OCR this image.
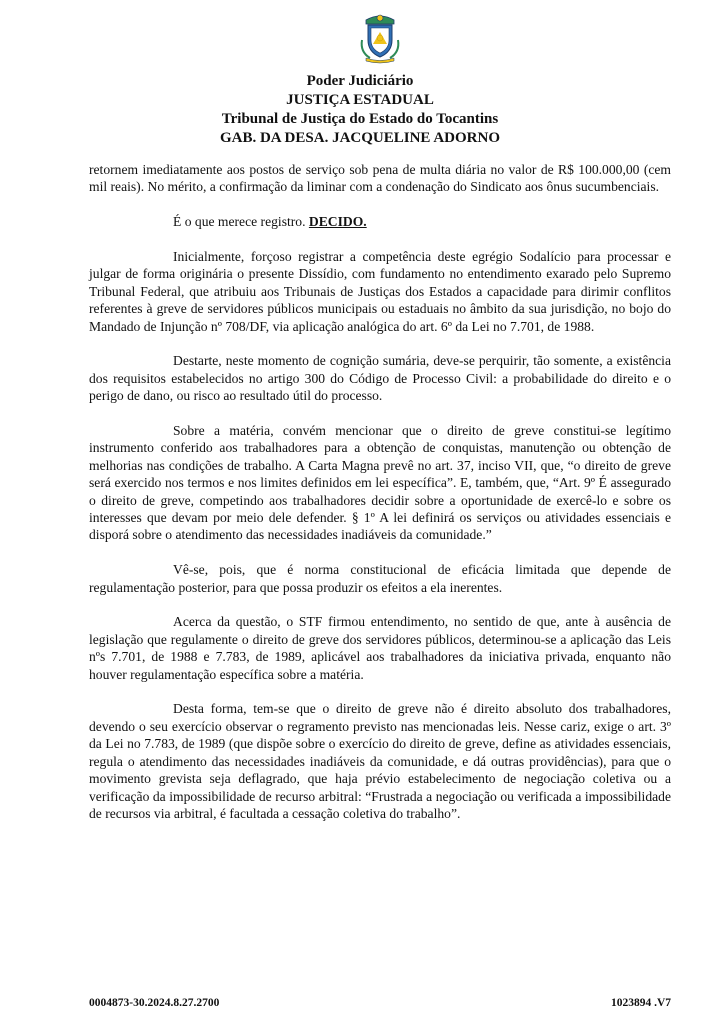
Poder Judiciário
JUSTIÇA ESTADUAL
Tribunal de Justiça do Estado do Tocantins
GAB. DA DESA. JACQUELINE ADORNO

retornem imediatamente aos postos de serviço sob pena de multa diária no valor de R$ 100.000,00 (cem mil reais). No mérito, a confirmação da liminar com a condenação do Sindicato aos ônus sucumbenciais.

É o que merece registro. DECIDO.

Inicialmente, forçoso registrar a competência deste egrégio Sodalício para processar e julgar de forma originária o presente Dissídio, com fundamento no entendimento exarado pelo Supremo Tribunal Federal, que atribuiu aos Tribunais de Justiças dos Estados a capacidade para dirimir conflitos referentes à greve de servidores públicos municipais ou estaduais no âmbito da sua jurisdição, no bojo do Mandado de Injunção nº 708/DF, via aplicação analógica do art. 6º da Lei no 7.701, de 1988.

Destarte, neste momento de cognição sumária, deve-se perquirir, tão somente, a existência dos requisitos estabelecidos no artigo 300 do Código de Processo Civil: a probabilidade do direito e o perigo de dano, ou risco ao resultado útil do processo.

Sobre a matéria, convém mencionar que o direito de greve constitui-se legítimo instrumento conferido aos trabalhadores para a obtenção de conquistas, manutenção ou obtenção de melhorias nas condições de trabalho. A Carta Magna prevê no art. 37, inciso VII, que, “o direito de greve será exercido nos termos e nos limites definidos em lei específica”. E, também, que, “Art. 9º É assegurado o direito de greve, competindo aos trabalhadores decidir sobre a oportunidade de exercê-lo e sobre os interesses que devam por meio dele defender. § 1º A lei definirá os serviços ou atividades essenciais e disporá sobre o atendimento das necessidades inadiáveis da comunidade.”

Vê-se, pois, que é norma constitucional de eficácia limitada que depende de regulamentação posterior, para que possa produzir os efeitos a ela inerentes.

Acerca da questão, o STF firmou entendimento, no sentido de que, ante à ausência de legislação que regulamente o direito de greve dos servidores públicos, determinou-se a aplicação das Leis nºs 7.701, de 1988 e 7.783, de 1989, aplicável aos trabalhadores da iniciativa privada, enquanto não houver regulamentação específica sobre a matéria.

Desta forma, tem-se que o direito de greve não é direito absoluto dos trabalhadores, devendo o seu exercício observar o regramento previsto nas mencionadas leis. Nesse cariz, exige o art. 3º da Lei no 7.783, de 1989 (que dispõe sobre o exercício do direito de greve, define as atividades essenciais, regula o atendimento das necessidades inadiáveis da comunidade, e dá outras providências), para que o movimento grevista seja deflagrado, que haja prévio estabelecimento de negociação coletiva ou a verificação da impossibilidade de recurso arbitral: “Frustrada a negociação ou verificada a impossibilidade de recursos via arbitral, é facultada a cessação coletiva do trabalho”.

0004873-30.2024.8.27.2700	1023894 .V7
